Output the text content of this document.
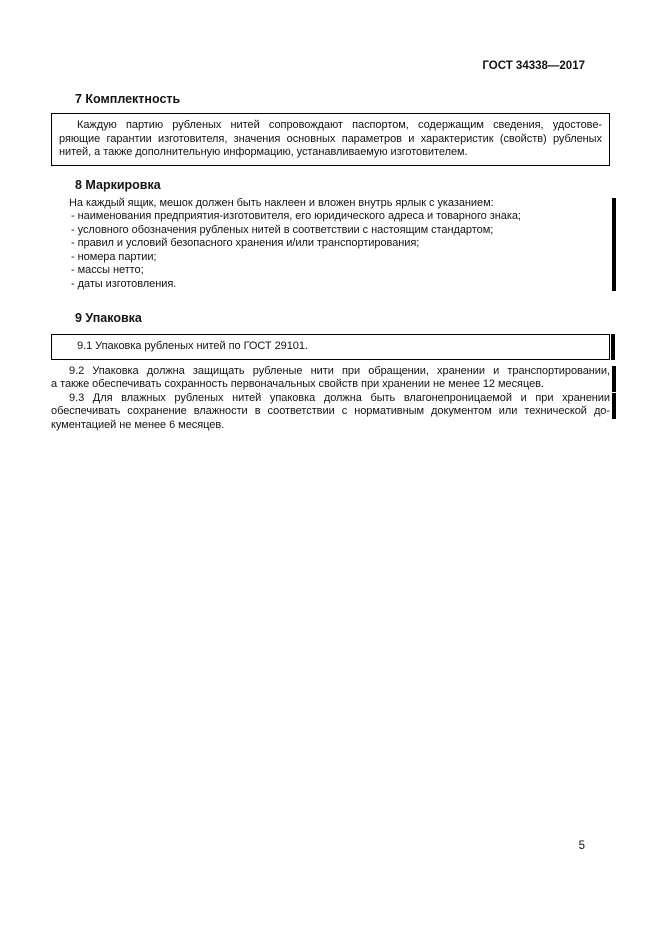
ГОСТ 34338—2017
7 Комплектность
Каждую партию рубленых нитей сопровождают паспортом, содержащим сведения, удостове-
ряющие гарантии изготовителя, значения основных параметров и характеристик (свойств) рубленых
нитей, а также дополнительную информацию, устанавливаемую изготовителем.
8 Маркировка
На каждый ящик, мешок должен быть наклеен и вложен внутрь ярлык с указанием:
- наименования предприятия-изготовителя, его юридического адреса и товарного знака;
- условного обозначения рубленых нитей в соответствии с настоящим стандартом;
- правил и условий безопасного хранения и/или транспортирования;
- номера партии;
- массы нетто;
- даты изготовления.
9 Упаковка
9.1 Упаковка рубленых нитей по ГОСТ 29101.
9.2 Упаковка должна защищать рубленые нити при обращении, хранении и транспортировании,
а также обеспечивать сохранность первоначальных свойств при хранении не менее 12 месяцев.
9.3 Для влажных рубленых нитей упаковка должна быть влагонепроницаемой и при хранении
обеспечивать сохранение влажности в соответствии с нормативным документом или технической до-
кументацией не менее 6 месяцев.
5
